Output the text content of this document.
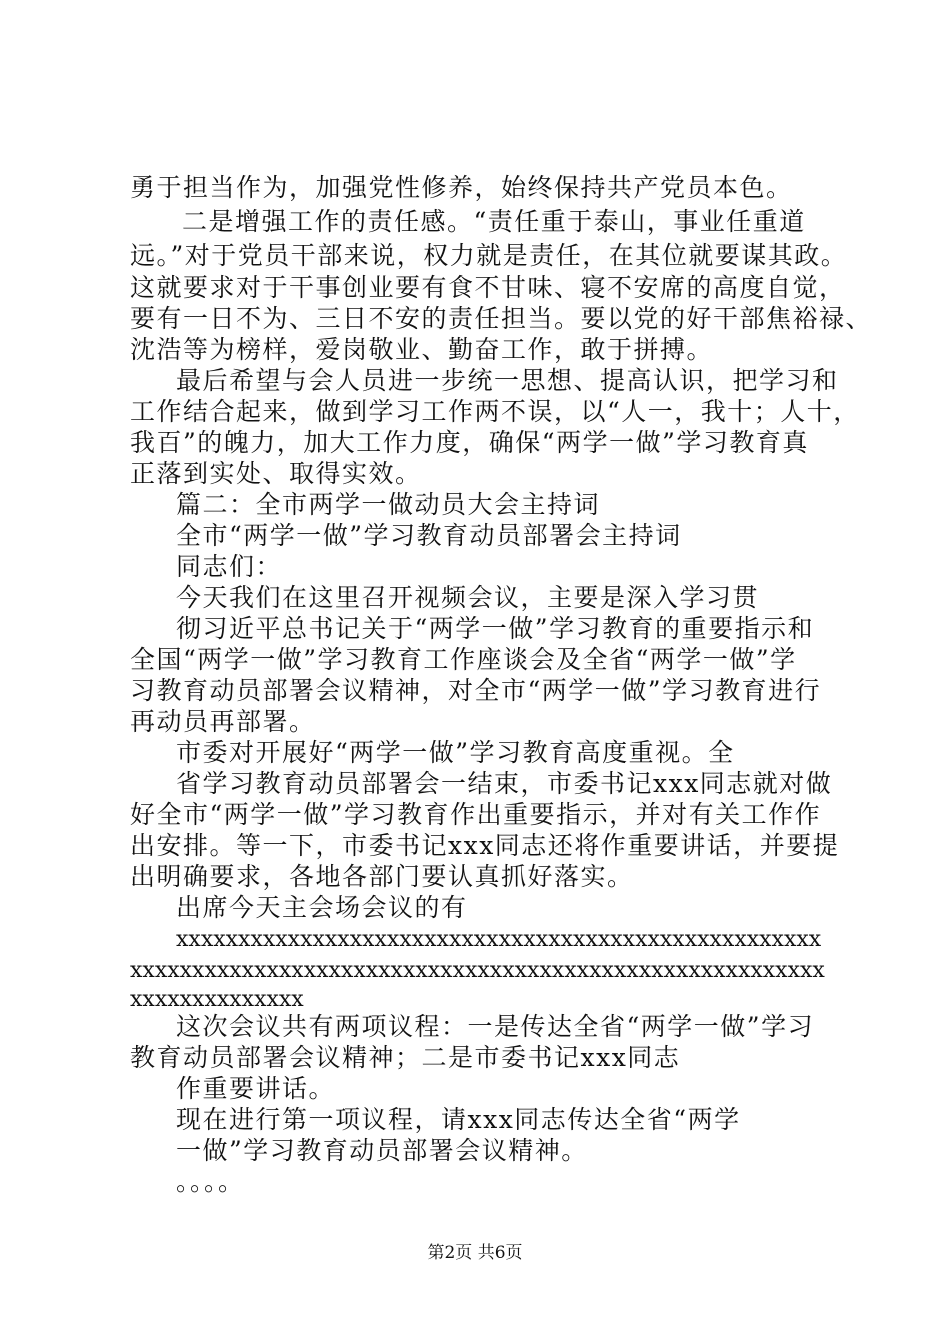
勇于担当作为，加强党性修养，始终保持共产党员本色。
二是增强工作的责任感。“责任重于泰山，事业任重道
远。”对于党员干部来说，权力就是责任，在其位就要谋其政。
这就要求对于干事创业要有食不甘味、寝不安席的高度自觉，
要有一日不为、三日不安的责任担当。要以党的好干部焦裕禄、
沈浩等为榜样，爱岗敬业、勤奋工作，敢于拼搏。
最后希望与会人员进一步统一思想、提高认识，把学习和
工作结合起来，做到学习工作两不误，以“人一，我十；人十，
我百”的魄力，加大工作力度，确保“两学一做”学习教育真
正落到实处、取得实效。
篇二：全市两学一做动员大会主持词
全市“两学一做”学习教育动员部署会主持词
同志们：
今天我们在这里召开视频会议，主要是深入学习贯
彻习近平总书记关于“两学一做”学习教育的重要指示和
全国“两学一做”学习教育工作座谈会及全省“两学一做”学
习教育动员部署会议精神，对全市“两学一做”学习教育进行
再动员再部署。
市委对开展好“两学一做”学习教育高度重视。全
省学习教育动员部署会一结束，市委书记xxx同志就对做
好全市“两学一做”学习教育作出重要指示，并对有关工作作
出安排。等一下，市委书记xxx同志还将作重要讲话，并要提
出明确要求，各地各部门要认真抓好落实。
出席今天主会场会议的有
xxxxxxxxxxxxxxxxxxxxxxxxxxxxxxxxxxxxxxxxxxxxxxxxxxxx
xxxxxxxxxxxxxxxxxxxxxxxxxxxxxxxxxxxxxxxxxxxxxxxxxxxxxxxx
xxxxxxxxxxxxxx
这次会议共有两项议程：一是传达全省“两学一做”学习
教育动员部署会议精神；二是市委书记xxx同志
作重要讲话。
现在进行第一项议程，请xxx同志传达全省“两学
一做”学习教育动员部署会议精神。
。。。。
第2页 共6页
